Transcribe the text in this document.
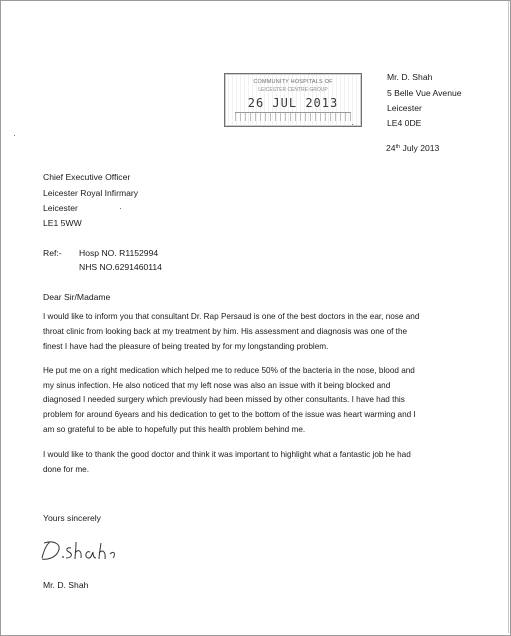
COMMUNITY HOSPITALS OF
LEICESTER CENTRE GROUP
26 JUL 2013
Mr. D. Shah
5 Belle Vue Avenue
Leicester
LE4 0DE
24th July 2013
Chief Executive Officer
Leicester Royal Infirmary
Leicester
LE1 5WW
Ref:- Hosp NO. R1152994
NHS NO.6291460114
Dear Sir/Madame
I would like to inform you that consultant Dr. Rap Persaud is one of the best doctors in the ear, nose and
throat clinic from looking back at my treatment by him. His assessment and diagnosis was one of the
finest I have had the pleasure of being treated by for my longstanding problem.
He put me on a right medication which helped me to reduce 50% of the bacteria in the nose, blood and
my sinus infection. He also noticed that my left nose was also an issue with it being blocked and
diagnosed I needed surgery which previously had been missed by other consultants. I have had this
problem for around 6years and his dedication to get to the bottom of the issue was heart warming and I
am so grateful to be able to hopefully put this health problem behind me.
I would like to thank the good doctor and think it was important to highlight what a fantastic job he had
done for me.
Yours sincerely
Mr. D. Shah
